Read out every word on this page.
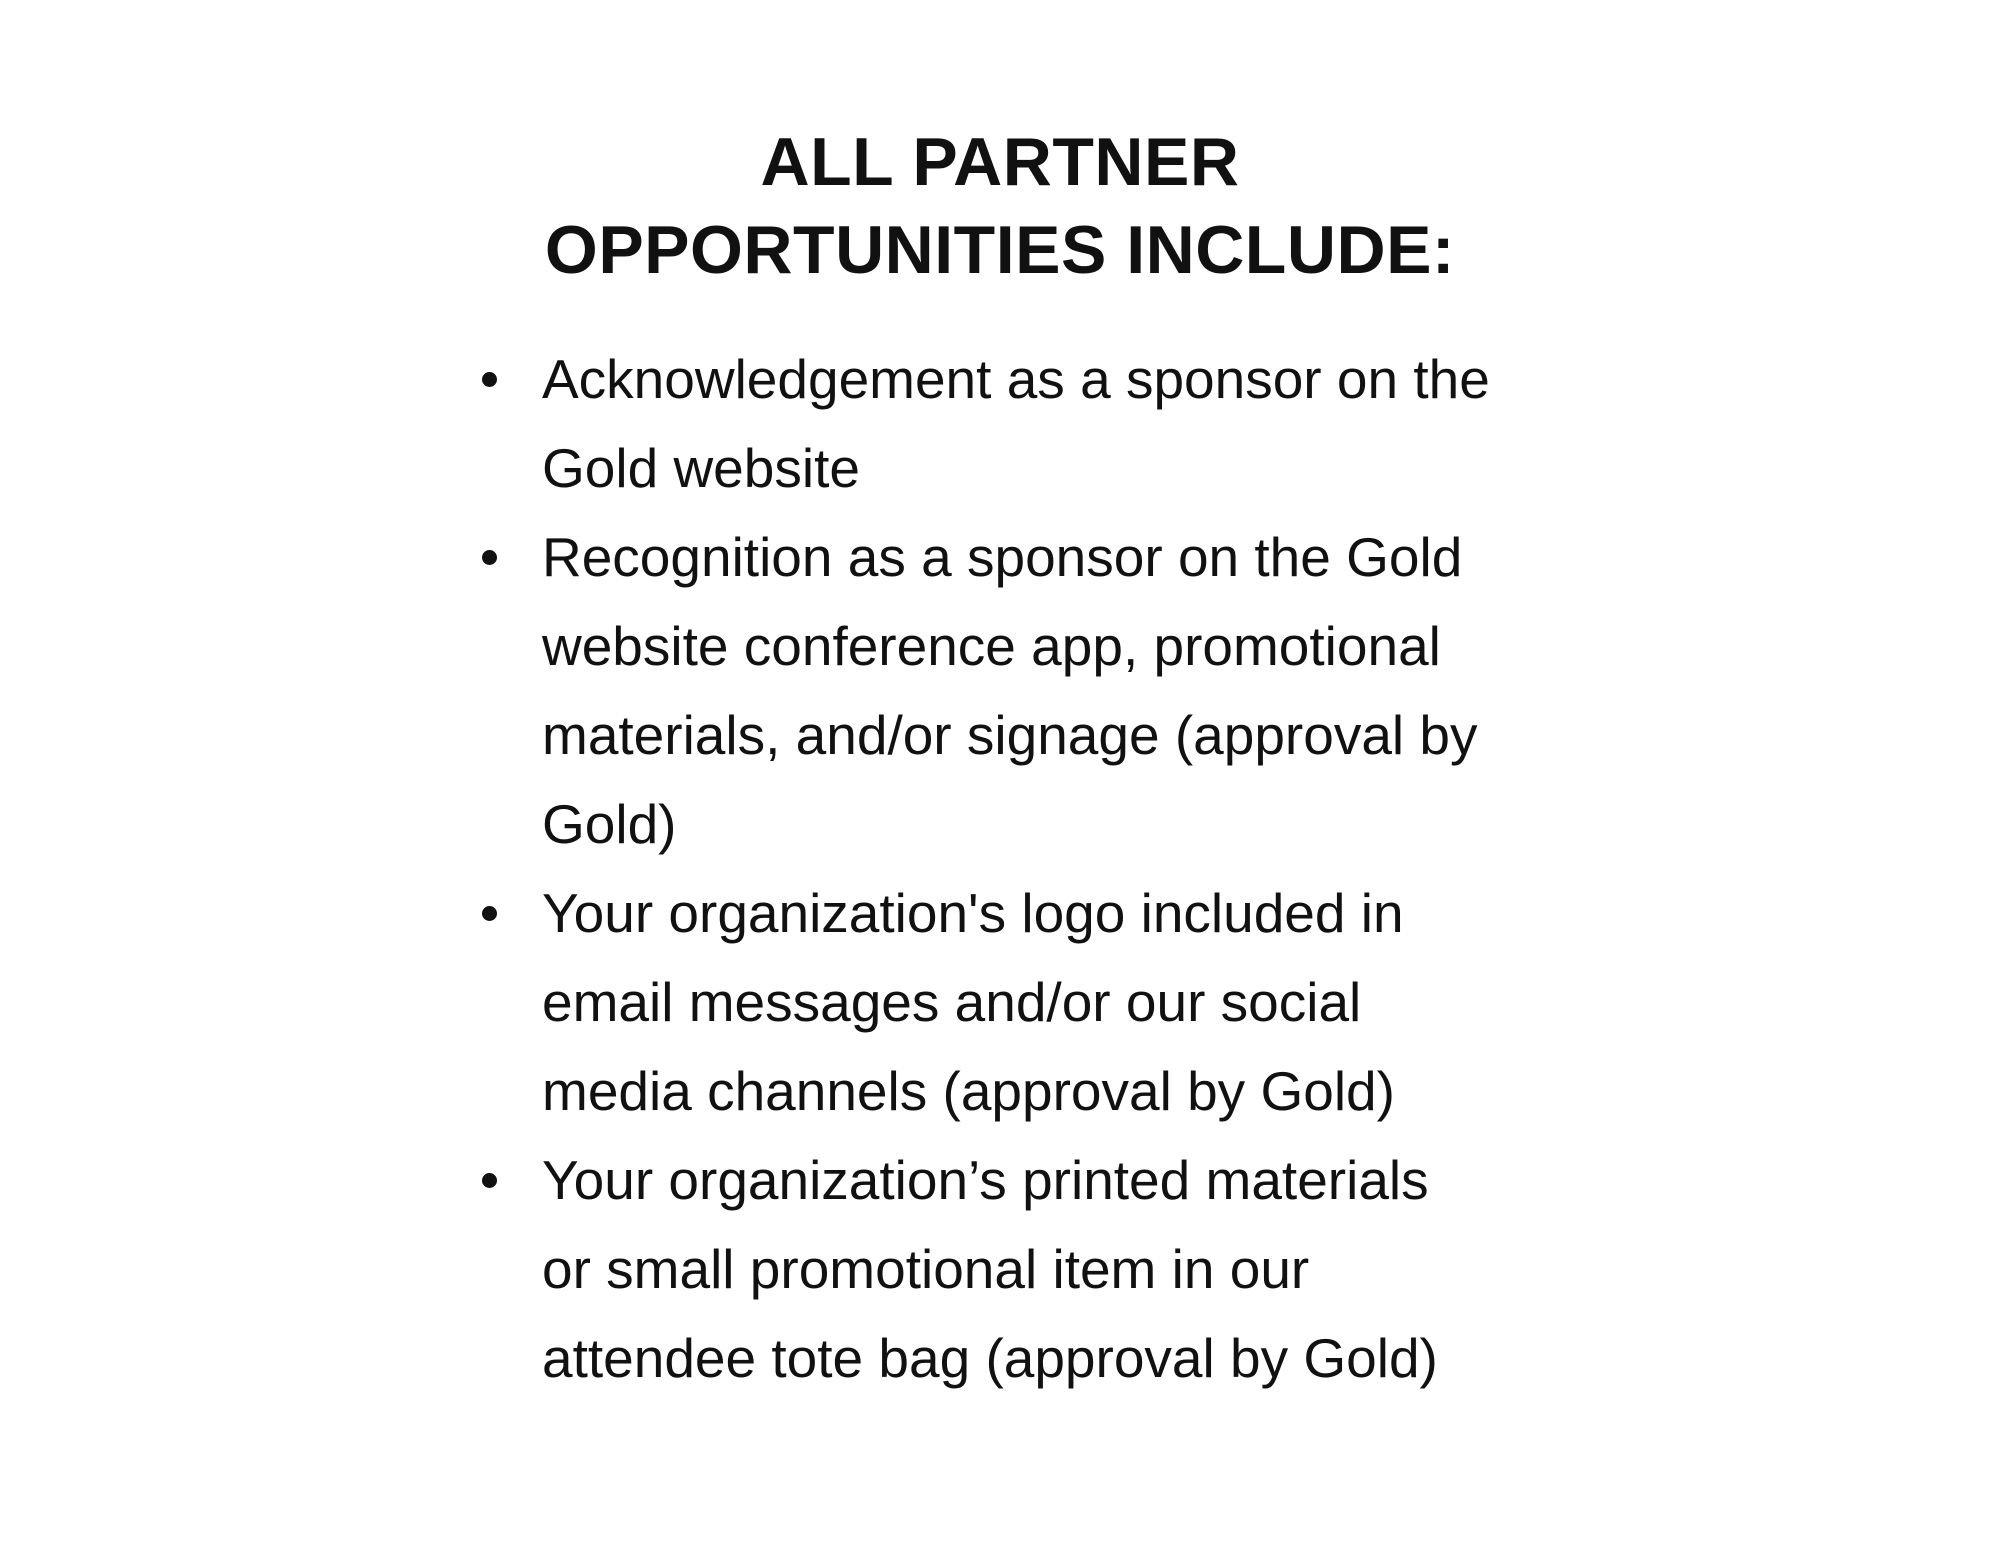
ALL PARTNER
OPPORTUNITIES INCLUDE:
Acknowledgement as a sponsor on the
Gold website
Recognition as a sponsor on the Gold
website conference app, promotional
materials, and/or signage (approval by
Gold)
Your organization's logo included in
email messages and/or our social
media channels (approval by Gold)
Your organization’s printed materials
or small promotional item in our
attendee tote bag (approval by Gold)
